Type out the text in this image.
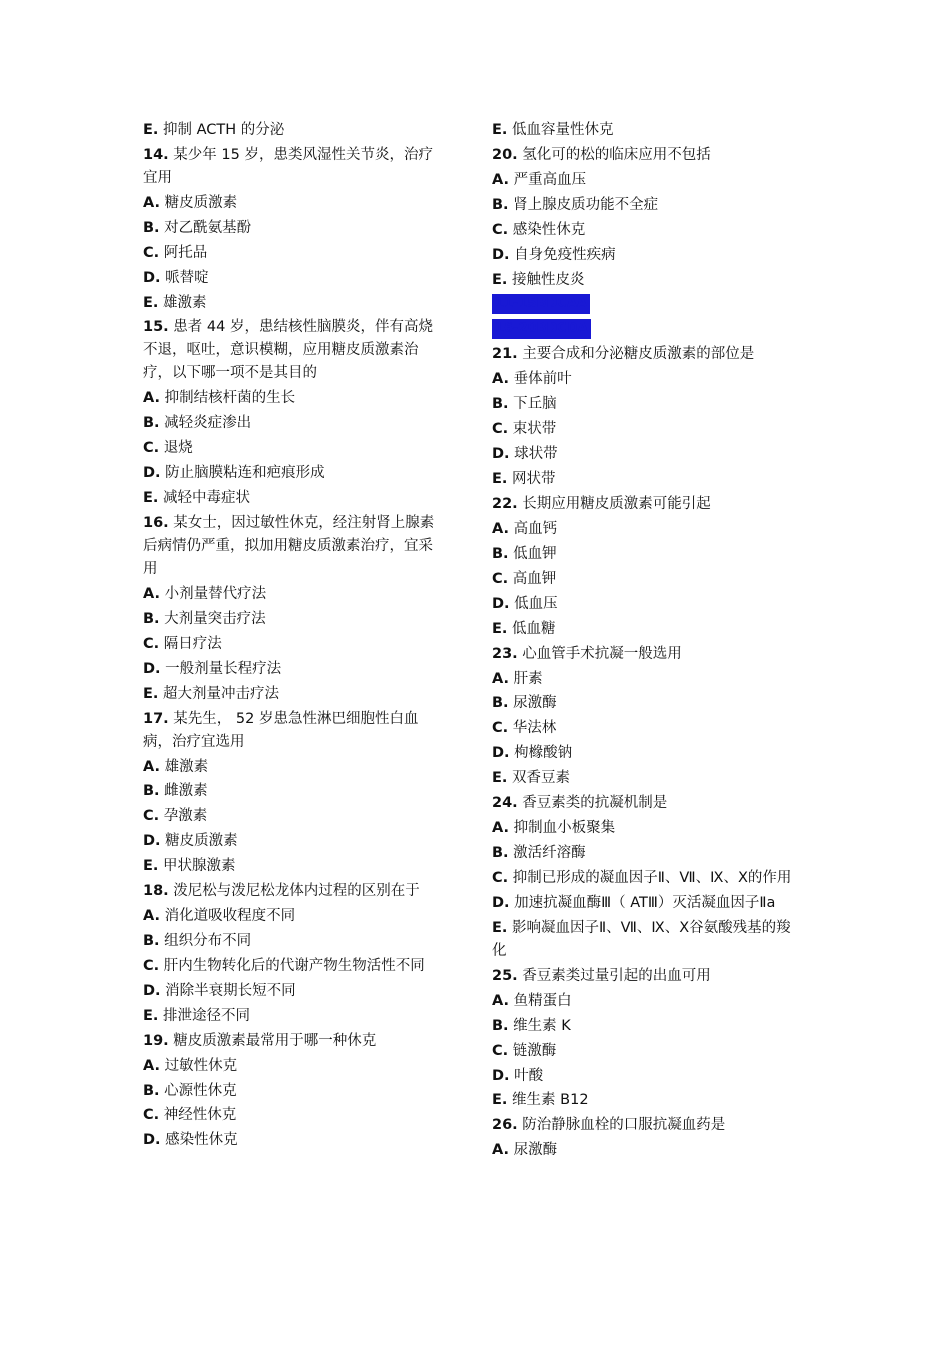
E. 抑制 ACTH 的分泌
14. 某少年 15 岁，患类风湿性关节炎，治疗宜用
A. 糖皮质激素
B. 对乙酰氨基酚
C. 阿托品
D. 哌替啶
E. 雄激素
15. 患者 44 岁，患结核性脑膜炎，伴有高烧不退，呕吐，意识模糊，应用糖皮质激素治疗，以下哪一项不是其目的
A. 抑制结核杆菌的生长
B. 减轻炎症渗出
C. 退烧
D. 防止脑膜粘连和疤痕形成
E. 减轻中毒症状
16. 某女士，因过敏性休克，经注射肾上腺素后病情仍严重，拟加用糖皮质激素治疗，宜采用
A. 小剂量替代疗法
B. 大剂量突击疗法
C. 隔日疗法
D. 一般剂量长程疗法
E. 超大剂量冲击疗法
17. 某先生， 52 岁患急性淋巴细胞性白血病，治疗宜选用
A. 雄激素
B. 雌激素
C. 孕激素
D. 糖皮质激素
E. 甲状腺激素
18. 泼尼松与泼尼松龙体内过程的区别在于
A. 消化道吸收程度不同
B. 组织分布不同
C. 肝内生物转化后的代谢产物生物活性不同
D. 消除半衰期长短不同
E. 排泄途径不同
19. 糖皮质激素最常用于哪一种休克
A. 过敏性休克
B. 心源性休克
C. 神经性休克
D. 感染性休克
E. 低血容量性休克
20. 氢化可的松的临床应用不包括
A. 严重高血压
B. 肾上腺皮质功能不全症
C. 感染性休克
D. 自身免疫性疾病
E. 接触性皮炎
11-15BDCAA
16-20BDCDA
21. 主要合成和分泌糖皮质激素的部位是
A. 垂体前叶
B. 下丘脑
C. 束状带
D. 球状带
E. 网状带
22. 长期应用糖皮质激素可能引起
A. 高血钙
B. 低血钾
C. 高血钾
D. 低血压
E. 低血糖
23. 心血管手术抗凝一般选用
A. 肝素
B. 尿激酶
C. 华法林
D. 枸橼酸钠
E. 双香豆素
24. 香豆素类的抗凝机制是
A. 抑制血小板聚集
B. 激活纤溶酶
C. 抑制已形成的凝血因子Ⅱ、Ⅶ、Ⅸ、Ⅹ的作用
D. 加速抗凝血酶Ⅲ（ ATⅢ）灭活凝血因子Ⅱa
E. 影响凝血因子Ⅱ、Ⅶ、Ⅸ、Ⅹ谷氨酸残基的羧化
25. 香豆素类过量引起的出血可用
A. 鱼精蛋白
B. 维生素 K
C. 链激酶
D. 叶酸
E. 维生素 B12
26. 防治静脉血栓的口服抗凝血药是
A. 尿激酶
